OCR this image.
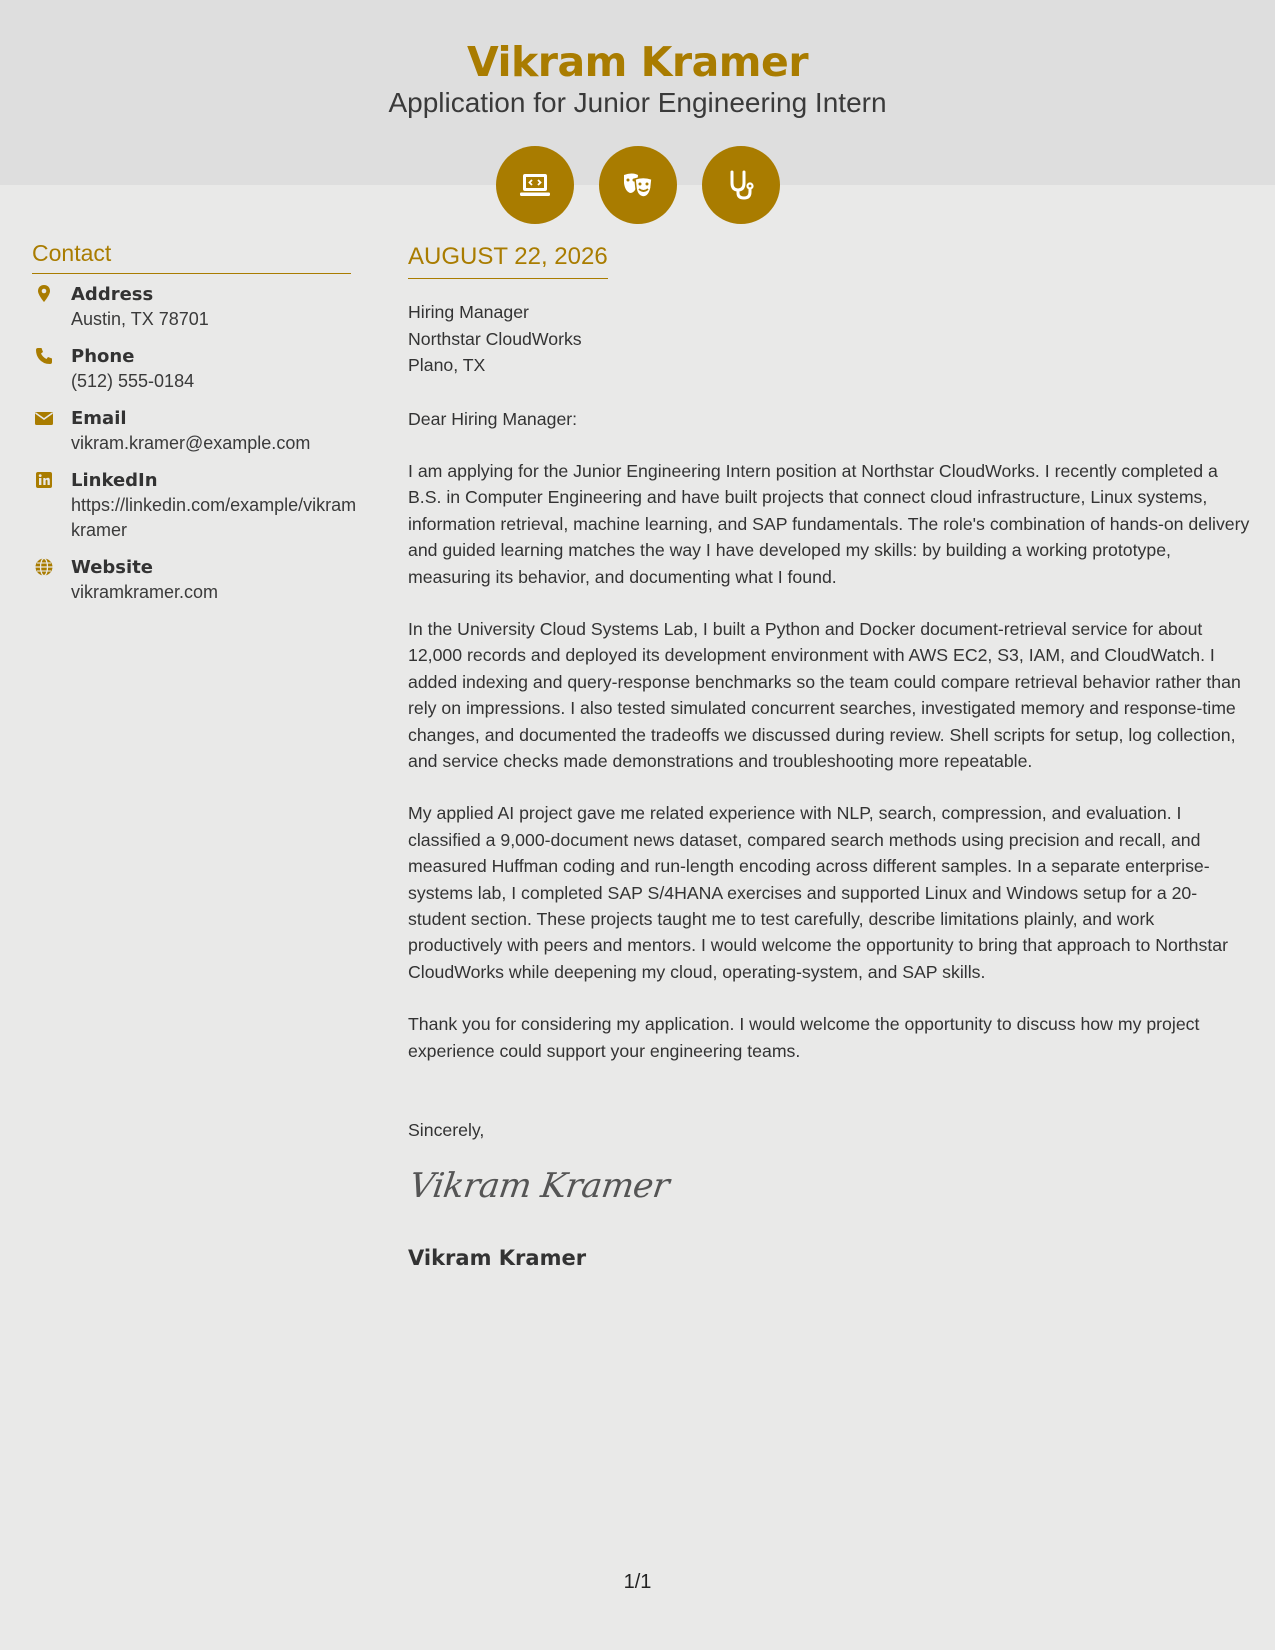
Vikram Kramer
Application for Junior Engineering Intern
Contact
Address
Austin, TX 78701
Phone
(512) 555-0184
Email
vikram.kramer@example.com
LinkedIn
https://linkedin.com/example/vikramkramer
Website
vikramkramer.com
AUGUST 22, 2026
Hiring Manager
Northstar CloudWorks
Plano, TX

Dear Hiring Manager:

I am applying for the Junior Engineering Intern position at Northstar CloudWorks. I recently completed a B.S. in Computer Engineering and have built projects that connect cloud infrastructure, Linux systems, information retrieval, machine learning, and SAP fundamentals. The role's combination of hands-on delivery and guided learning matches the way I have developed my skills: by building a working prototype, measuring its behavior, and documenting what I found.

In the University Cloud Systems Lab, I built a Python and Docker document-retrieval service for about 12,000 records and deployed its development environment with AWS EC2, S3, IAM, and CloudWatch. I added indexing and query-response benchmarks so the team could compare retrieval behavior rather than rely on impressions. I also tested simulated concurrent searches, investigated memory and response-time changes, and documented the tradeoffs we discussed during review. Shell scripts for setup, log collection, and service checks made demonstrations and troubleshooting more repeatable.

My applied AI project gave me related experience with NLP, search, compression, and evaluation. I classified a 9,000-document news dataset, compared search methods using precision and recall, and measured Huffman coding and run-length encoding across different samples. In a separate enterprise-systems lab, I completed SAP S/4HANA exercises and supported Linux and Windows setup for a 20-student section. These projects taught me to test carefully, describe limitations plainly, and work productively with peers and mentors. I would welcome the opportunity to bring that approach to Northstar CloudWorks while deepening my cloud, operating-system, and SAP skills.

Thank you for considering my application. I would welcome the opportunity to discuss how my project experience could support your engineering teams.

Sincerely,

Vikram Kramer
Vikram Kramer
1/1
